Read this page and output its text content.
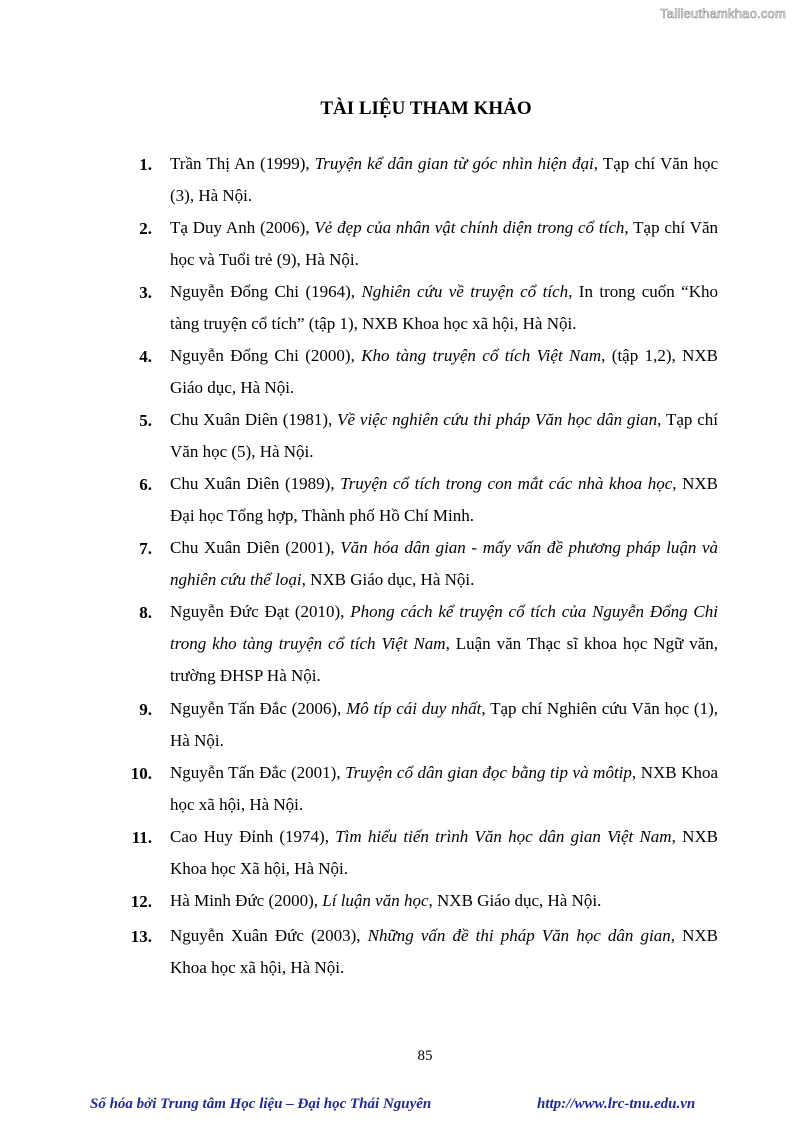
Tailieuthamkhao.com
TÀI LIỆU THAM KHẢO
1. Trần Thị An (1999), Truyện kể dân gian từ góc nhìn hiện đại, Tạp chí Văn học (3), Hà Nội.
2. Tạ Duy Anh (2006), Vẻ đẹp của nhân vật chính diện trong cổ tích, Tạp chí Văn học và Tuổi trẻ (9), Hà Nội.
3. Nguyễn Đổng Chi (1964), Nghiên cứu về truyện cổ tích, In trong cuốn “Kho tàng truyện cổ tích” (tập 1), NXB Khoa học xã hội, Hà Nội.
4. Nguyễn Đổng Chi (2000), Kho tàng truyện cổ tích Việt Nam, (tập 1,2), NXB Giáo dục, Hà Nội.
5. Chu Xuân Diên (1981), Về việc nghiên cứu thi pháp Văn học dân gian, Tạp chí Văn học (5), Hà Nội.
6. Chu Xuân Diên (1989), Truyện cổ tích trong con mắt các nhà khoa học, NXB Đại học Tổng hợp, Thành phố Hồ Chí Minh.
7. Chu Xuân Diên (2001), Văn hóa dân gian - mấy vấn đề phương pháp luận và nghiên cứu thể loại, NXB Giáo dục, Hà Nội.
8. Nguyễn Đức Đạt (2010), Phong cách kể truyện cổ tích của Nguyễn Đổng Chi trong kho tàng truyện cổ tích Việt Nam, Luận văn Thạc sĩ khoa học Ngữ văn, trường ĐHSP Hà Nội.
9. Nguyễn Tấn Đắc (2006), Mô típ cái duy nhất, Tạp chí Nghiên cứu Văn học (1), Hà Nội.
10. Nguyễn Tấn Đắc (2001), Truyện cổ dân gian đọc bằng tip và môtip, NXB Khoa học xã hội, Hà Nội.
11. Cao Huy Đỉnh (1974), Tìm hiểu tiến trình Văn học dân gian Việt Nam, NXB Khoa học Xã hội, Hà Nội.
12. Hà Minh Đức (2000), Lí luận văn học, NXB Giáo dục, Hà Nội.
13. Nguyễn Xuân Đức (2003), Những vấn đề thi pháp Văn học dân gian, NXB Khoa học xã hội, Hà Nội.
85
Số hóa bởi Trung tâm Học liệu – Đại học Thái Nguyên	http://www.lrc-tnu.edu.vn
